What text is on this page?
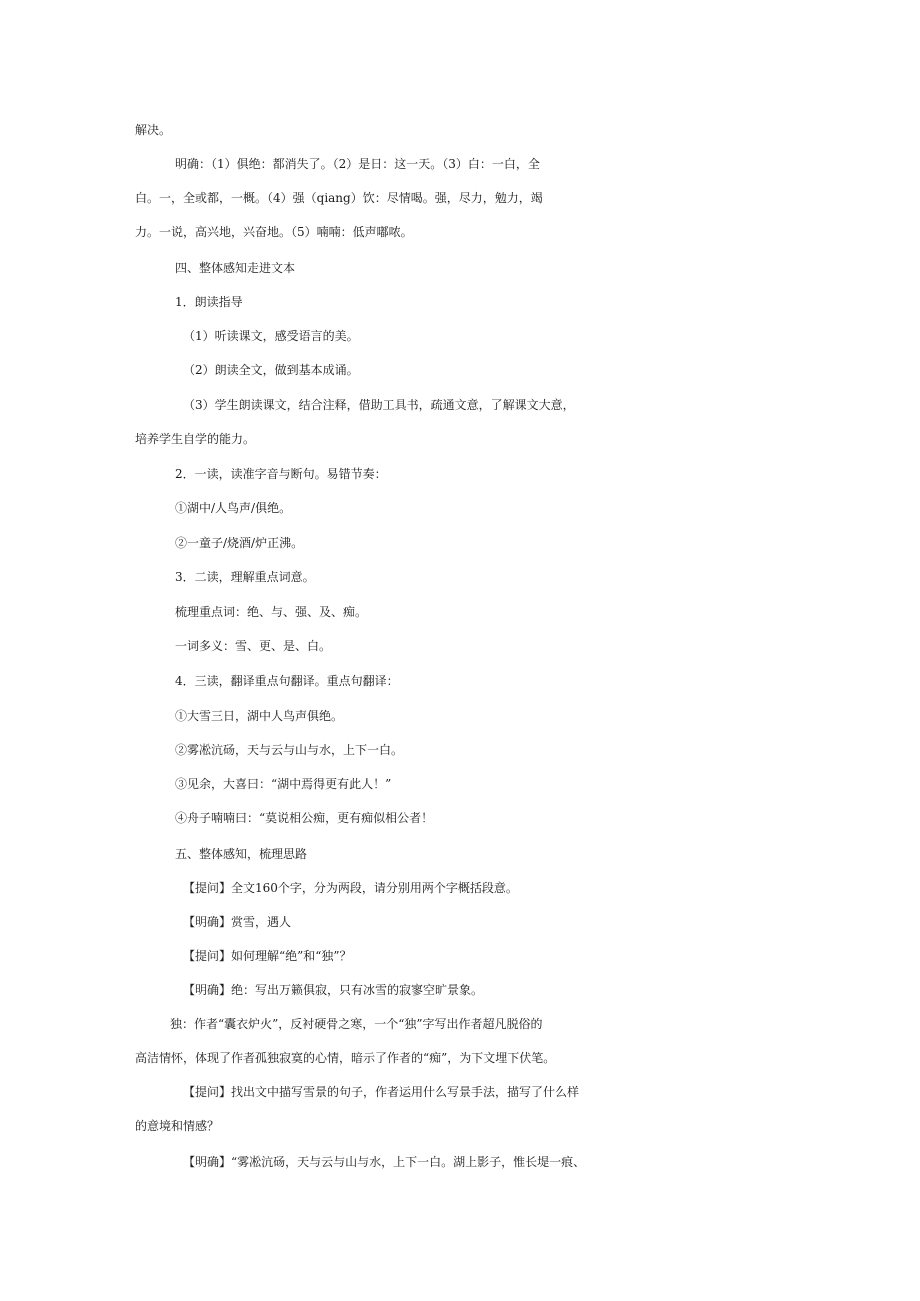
解决。
明确：（1）俱绝：都消失了。（2）是日：这一天。（3）白：一白，全
白。一，全或都，一概。（4）强（qiang）饮：尽情喝。强，尽力，勉力，竭
力。一说，高兴地，兴奋地。（5）喃喃：低声嘟哝。
四、整体感知走进文本
1．朗读指导
（1）听读课文，感受语言的美。
（2）朗读全文，做到基本成诵。
（3）学生朗读课文，结合注释，借助工具书，疏通文意，了解课文大意，
培养学生自学的能力。
2．一读，读准字音与断句。易错节奏：
①湖中/人鸟声/俱绝。
②一童子/烧酒/炉正沸。
3．二读，理解重点词意。
梳理重点词：绝、与、强、及、痴。
一词多义：雪、更、是、白。
4．三读，翻译重点句翻译。重点句翻译：
①大雪三日，湖中人鸟声俱绝。
②雾凇沆砀，天与云与山与水，上下一白。
③见余，大喜曰：“湖中焉得更有此人！”
④舟子喃喃曰：“莫说相公痴，更有痴似相公者！
五、整体感知，梳理思路
【提问】全文160个字，分为两段，请分别用两个字概括段意。
【明确】赏雪，遇人
【提问】如何理解“绝”和“独”？
【明确】绝：写出万籁俱寂，只有冰雪的寂寥空旷景象。
独：作者“囊衣炉火”，反衬硬骨之寒，一个“独”字写出作者超凡脱俗的
高洁情怀，体现了作者孤独寂寞的心情，暗示了作者的“痴”，为下文埋下伏笔。
【提问】找出文中描写雪景的句子，作者运用什么写景手法，描写了什么样
的意境和情感？
【明确】“雾凇沆砀，天与云与山与水，上下一白。湖上影子，惟长堤一痕、
